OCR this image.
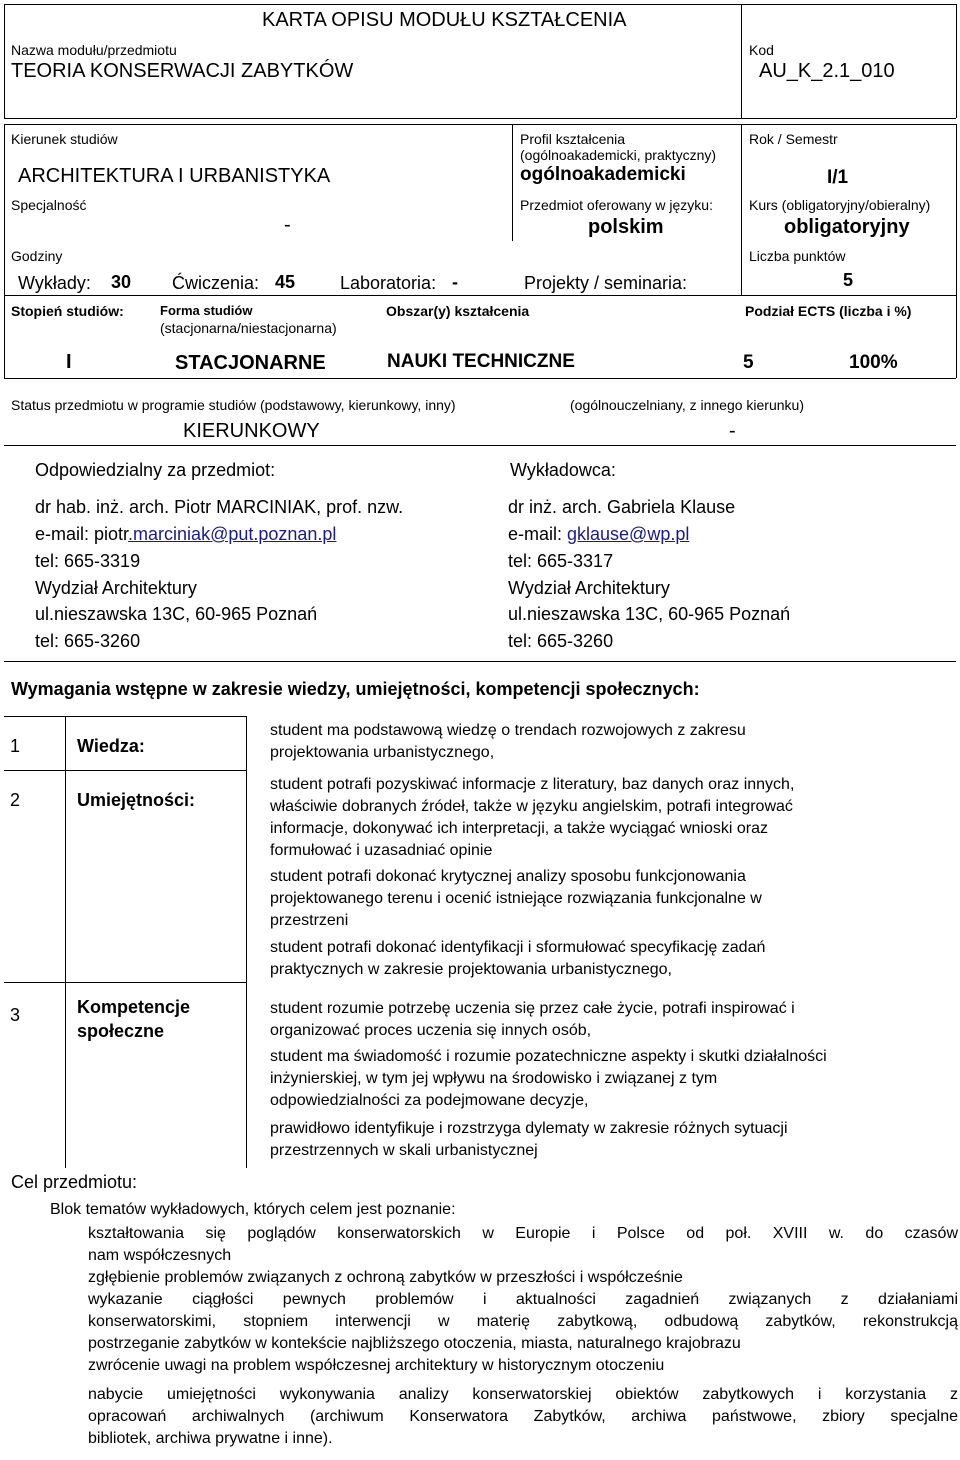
KARTA OPISU MODUŁU KSZTAŁCENIA
Nazwa modułu/przedmiotu
TEORIA KONSERWACJI ZABYTKÓW
Kod
AU_K_2.1_010
Kierunek studiów
ARCHITEKTURA I URBANISTYKA
Profil kształcenia
(ogólnoakademicki, praktyczny)
ogólnoakademicki
Rok / Semestr
I/1
Specjalność
-
Przedmiot oferowany w języku:
polskim
Kurs (obligatoryjny/obieralny)
obligatoryjny
Godziny
Wykłady: 30 Ćwiczenia: 45 Laboratoria: -	Projekty / seminaria:
Liczba punktów
5
Stopień studiów:
I
Forma studiów
(stacjonarna/niestacjonarna)
STACJONARNE
Obszar(y) kształcenia
NAUKI TECHNICZNE
Podział ECTS (liczba i %)
5	100%
Status przedmiotu w programie studiów (podstawowy, kierunkowy, inny)	(ogólnouczelniany, z innego kierunku)
KIERUNKOWY	-
Odpowiedzialny za przedmiot:	Wykładowca:
dr hab. inż. arch. Piotr MARCINIAK, prof. nzw.
e-mail: piotr.marciniak@put.poznan.pl
tel: 665-3319
Wydział Architektury
ul.nieszawska 13C, 60-965 Poznań
tel: 665-3260
dr inż. arch. Gabriela Klause
e-mail: gklause@wp.pl
tel: 665-3317
Wydział Architektury
ul.nieszawska 13C, 60-965 Poznań
tel: 665-3260
Wymagania wstępne w zakresie wiedzy, umiejętności, kompetencji społecznych:
1	Wiedza:
student ma podstawową wiedzę o trendach rozwojowych z zakresu
projektowania urbanistycznego,
2	Umiejętności:
student potrafi pozyskiwać informacje z literatury, baz danych oraz innych,
właściwie dobranych źródeł, także w języku angielskim, potrafi integrować
informacje, dokonywać ich interpretacji, a także wyciągać wnioski oraz
formułować i uzasadniać opinie
student potrafi dokonać krytycznej analizy sposobu funkcjonowania
projektowanego terenu i ocenić istniejące rozwiązania funkcjonalne w
przestrzeni
student potrafi dokonać identyfikacji i sformułować specyfikację zadań
praktycznych w zakresie projektowania urbanistycznego,
3	Kompetencje
społeczne
student rozumie potrzebę uczenia się przez całe życie, potrafi inspirować i
organizować proces uczenia się innych osób,
student ma świadomość i rozumie pozatechniczne aspekty i skutki działalności
inżynierskiej, w tym jej wpływu na środowisko i związanej z tym
odpowiedzialności za podejmowane decyzje,
prawidłowo identyfikuje i rozstrzyga dylematy w zakresie różnych sytuacji
przestrzennych w skali urbanistycznej
Cel przedmiotu:
Blok tematów wykładowych, których celem jest poznanie:
kształtowania się poglądów konserwatorskich w Europie i Polsce od poł. XVIII w. do czasów
nam współczesnych
zgłębienie problemów związanych z ochroną zabytków w przeszłości i współcześnie
wykazanie ciągłości pewnych problemów i aktualności zagadnień związanych z działaniami
konserwatorskimi, stopniem interwencji w materię zabytkową, odbudową zabytków, rekonstrukcją
postrzeganie zabytków w kontekście najbliższego otoczenia, miasta, naturalnego krajobrazu
zwrócenie uwagi na problem współczesnej architektury w historycznym otoczeniu
nabycie umiejętności wykonywania analizy konserwatorskiej obiektów zabytkowych i korzystania z
opracowań archiwalnych (archiwum Konserwatora Zabytków, archiwa państwowe, zbiory specjalne
bibliotek, archiwa prywatne i inne).
